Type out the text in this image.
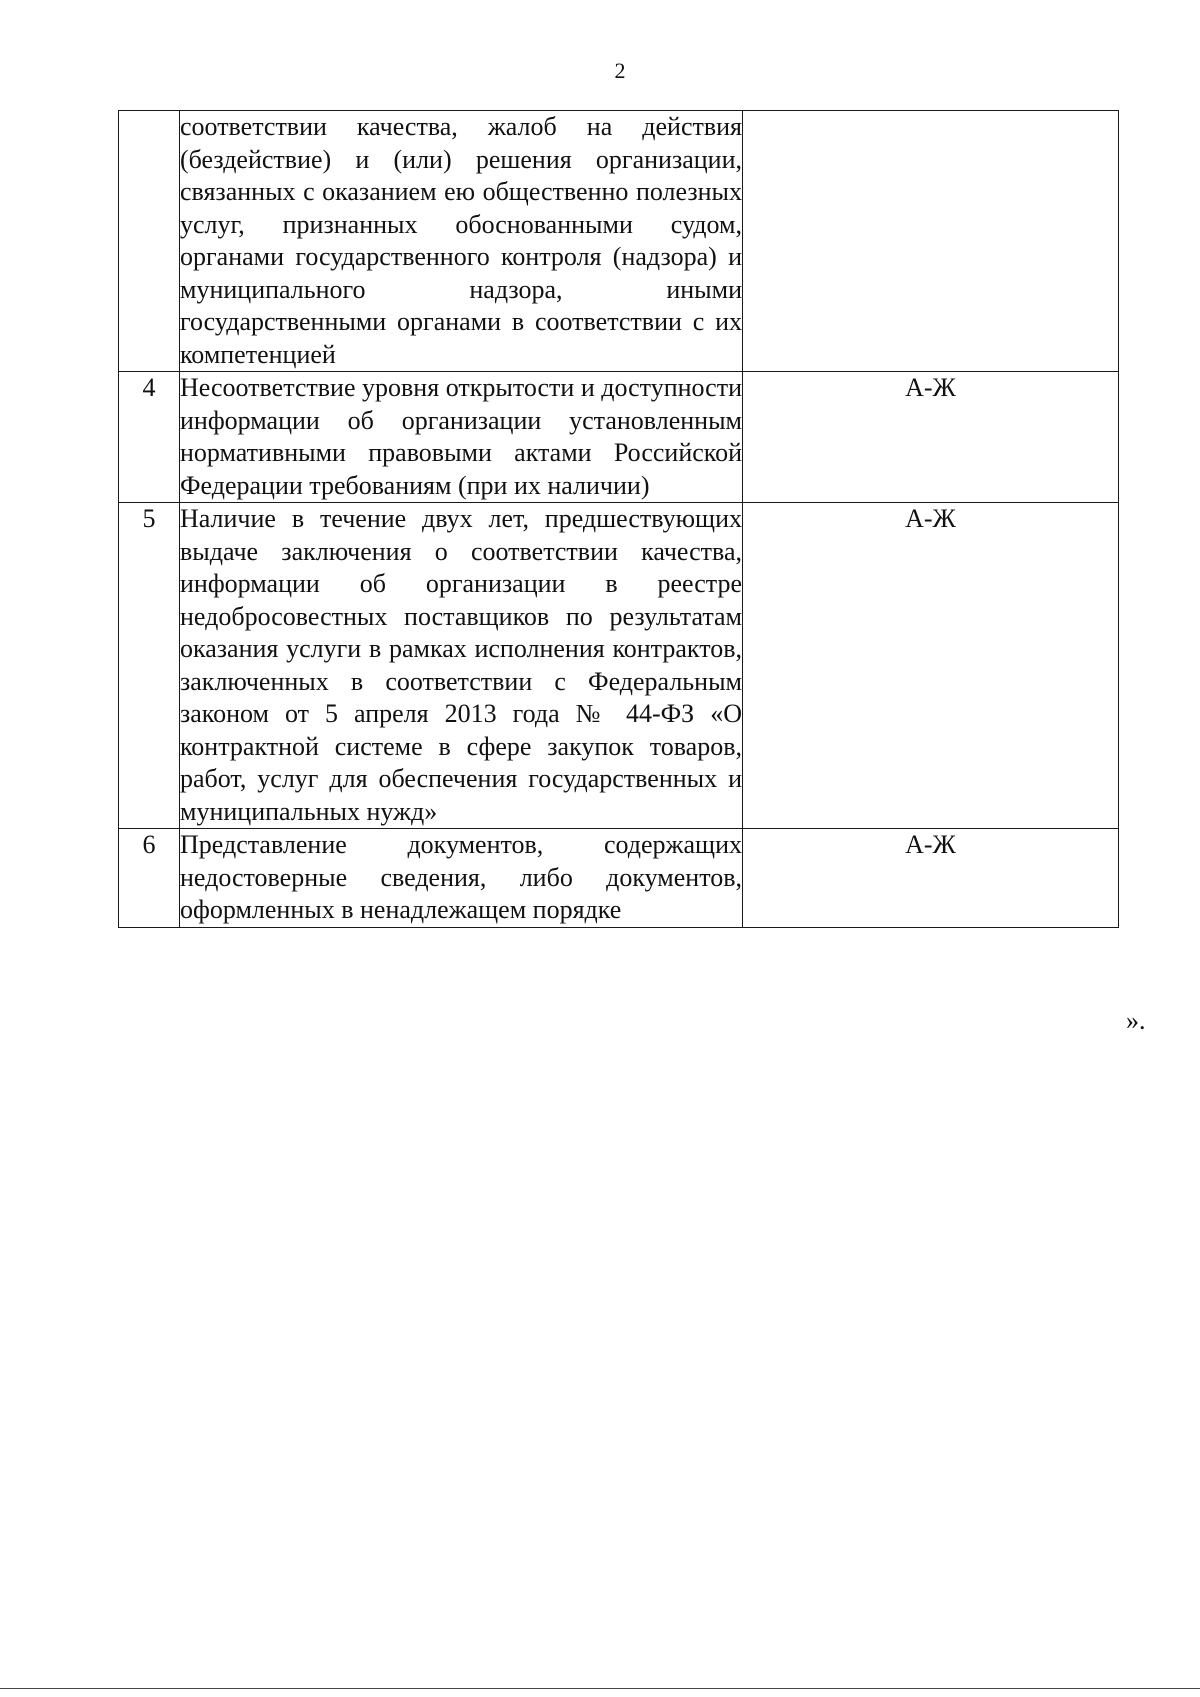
2
	соответствии качества, жалоб на действия (бездействие) и (или) решения организации, связанных с оказанием ею общественно полезных услуг, признанных обоснованными судом, органами государственного контроля (надзора) и муниципального надзора, иными государственными органами в соответствии с их компетенцией	
4	Несоответствие уровня открытости и доступности информации об организации установленным нормативными правовыми актами Российской Федерации требованиям (при их наличии)	А-Ж
5	Наличие в течение двух лет, предшествующих выдаче заключения о соответствии качества, информации об организации в реестре недобросовестных поставщиков по результатам оказания услуги в рамках исполнения контрактов, заключенных в соответствии с Федеральным законом от 5 апреля 2013 года № 44-ФЗ «О контрактной системе в сфере закупок товаров, работ, услуг для обеспечения государственных и муниципальных нужд»	А-Ж
6	Представление документов, содержащих недостоверные сведения, либо документов, оформленных в ненадлежащем порядке	А-Ж
».
